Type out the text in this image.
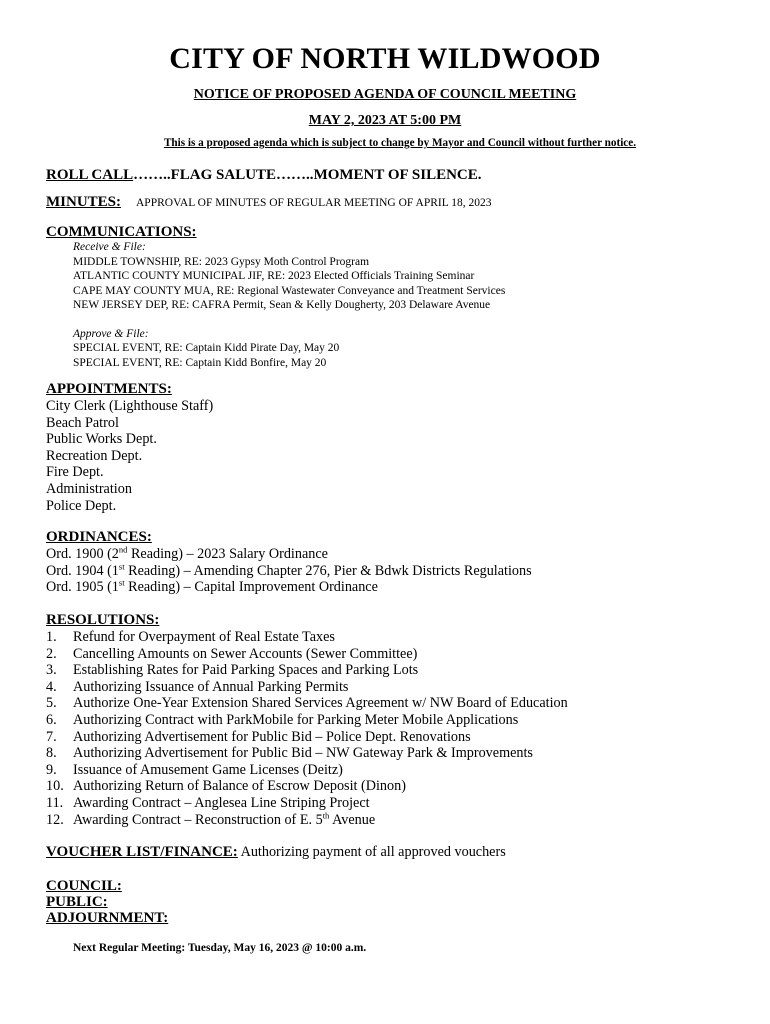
CITY OF NORTH WILDWOOD
NOTICE OF PROPOSED AGENDA OF COUNCIL MEETING
MAY 2, 2023 AT 5:00 PM
This is a proposed agenda which is subject to change by Mayor and Council without further notice.
ROLL CALL……..FLAG SALUTE……..MOMENT OF SILENCE.
MINUTES: APPROVAL OF MINUTES OF REGULAR MEETING OF APRIL 18, 2023
COMMUNICATIONS:
Receive & File:
MIDDLE TOWNSHIP, RE: 2023 Gypsy Moth Control Program
ATLANTIC COUNTY MUNICIPAL JIF, RE: 2023 Elected Officials Training Seminar
CAPE MAY COUNTY MUA, RE: Regional Wastewater Conveyance and Treatment Services
NEW JERSEY DEP, RE: CAFRA Permit, Sean & Kelly Dougherty, 203 Delaware Avenue
Approve & File:
SPECIAL EVENT, RE: Captain Kidd Pirate Day, May 20
SPECIAL EVENT, RE: Captain Kidd Bonfire, May 20
APPOINTMENTS:
City Clerk (Lighthouse Staff)
Beach Patrol
Public Works Dept.
Recreation Dept.
Fire Dept.
Administration
Police Dept.
ORDINANCES:
Ord. 1900 (2nd Reading) – 2023 Salary Ordinance
Ord. 1904 (1st Reading) – Amending Chapter 276, Pier & Bdwk Districts Regulations
Ord. 1905 (1st Reading) – Capital Improvement Ordinance
RESOLUTIONS:
1.	Refund for Overpayment of Real Estate Taxes
2.	Cancelling Amounts on Sewer Accounts (Sewer Committee)
3.	Establishing Rates for Paid Parking Spaces and Parking Lots
4.	Authorizing Issuance of Annual Parking Permits
5.	Authorize One-Year Extension Shared Services Agreement w/ NW Board of Education
6.	Authorizing Contract with ParkMobile for Parking Meter Mobile Applications
7.	Authorizing Advertisement for Public Bid – Police Dept. Renovations
8.	Authorizing Advertisement for Public Bid – NW Gateway Park & Improvements
9.	Issuance of Amusement Game Licenses (Deitz)
10. Authorizing Return of Balance of Escrow Deposit (Dinon)
11. Awarding Contract – Anglesea Line Striping Project
12. Awarding Contract – Reconstruction of E. 5th Avenue
VOUCHER LIST/FINANCE: Authorizing payment of all approved vouchers
COUNCIL:
PUBLIC:
ADJOURNMENT:
Next Regular Meeting: Tuesday, May 16, 2023 @ 10:00 a.m.
